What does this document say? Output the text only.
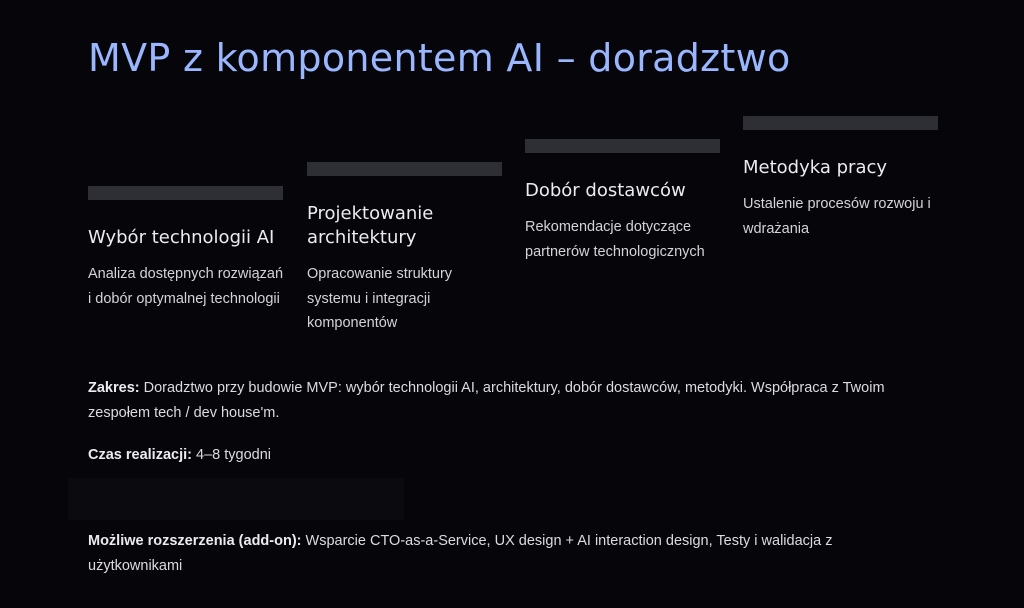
MVP z komponentem AI – doradztwo
Wybór technologii AI
Analiza dostępnych rozwiązań i dobór optymalnej technologii
Projektowanie architektury
Opracowanie struktury systemu i integracji komponentów
Dobór dostawców
Rekomendacje dotyczące partnerów technologicznych
Metodyka pracy
Ustalenie procesów rozwoju i wdrażania
Zakres: Doradztwo przy budowie MVP: wybór technologii AI, architektury, dobór dostawców, metodyki. Współpraca z Twoim zespołem tech / dev house'm.
Czas realizacji: 4–8 tygodni
Możliwe rozszerzenia (add-on): Wsparcie CTO-as-a-Service, UX design + AI interaction design, Testy i walidacja z użytkownikami
